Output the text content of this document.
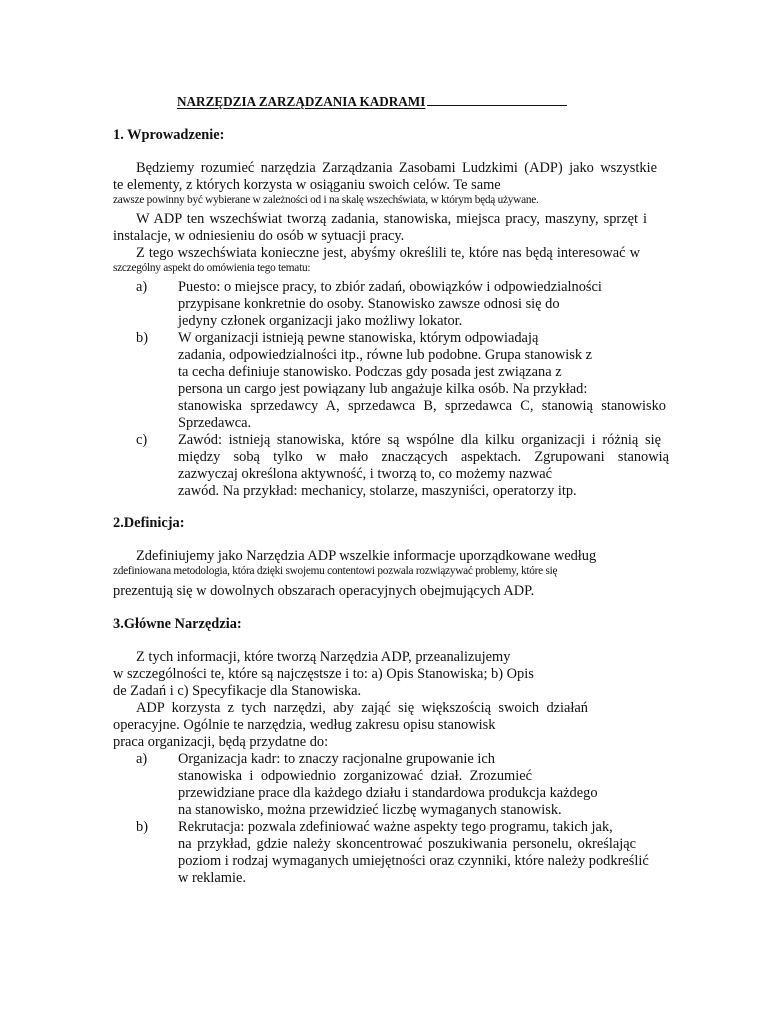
NARZĘDZIA ZARZĄDZANIA KADRAMI
1. Wprowadzenie:
Będziemy rozumieć narzędzia Zarządzania Zasobami Ludzkimi (ADP) jako wszystkie
te elementy, z których korzysta w osiąganiu swoich celów. Te same
zawsze powinny być wybierane w zależności od i na skalę wszechświata, w którym będą używane.
W ADP ten wszechświat tworzą zadania, stanowiska, miejsca pracy, maszyny, sprzęt i
instalacje, w odniesieniu do osób w sytuacji pracy.
Z tego wszechświata konieczne jest, abyśmy określili te, które nas będą interesować w
szczególny aspekt do omówienia tego tematu:
a) Puesto: o miejsce pracy, to zbiór zadań, obowiązków i odpowiedzialności
przypisane konkretnie do osoby. Stanowisko zawsze odnosi się do
jedyny członek organizacji jako możliwy lokator.
b) W organizacji istnieją pewne stanowiska, którym odpowiadają
zadania, odpowiedzialności itp., równe lub podobne. Grupa stanowisk z
ta cecha definiuje stanowisko. Podczas gdy posada jest związana z
persona un cargo jest powiązany lub angażuje kilka osób. Na przykład:
stanowiska sprzedawcy A, sprzedawca B, sprzedawca C, stanowią stanowisko
Sprzedawca.
c) Zawód: istnieją stanowiska, które są wspólne dla kilku organizacji i różnią się
między sobą tylko w mało znaczących aspektach. Zgrupowani stanowią
zazwyczaj określona aktywność, i tworzą to, co możemy nazwać
zawód. Na przykład: mechanicy, stolarze, maszyniści, operatorzy itp.
2.Definicja:
Zdefiniujemy jako Narzędzia ADP wszelkie informacje uporządkowane według
zdefiniowana metodologia, która dzięki swojemu contentowi pozwala rozwiązywać problemy, które się
prezentują się w dowolnych obszarach operacyjnych obejmujących ADP.
3.Główne Narzędzia:
Z tych informacji, które tworzą Narzędzia ADP, przeanalizujemy
w szczególności te, które są najczęstsze i to: a) Opis Stanowiska; b) Opis
de Zadań i c) Specyfikacje dla Stanowiska.
ADP korzysta z tych narzędzi, aby zająć się większością swoich działań
operacyjne. Ogólnie te narzędzia, według zakresu opisu stanowisk
praca organizacji, będą przydatne do:
a) Organizacja kadr: to znaczy racjonalne grupowanie ich
stanowiska i odpowiednio zorganizować dział. Zrozumieć
przewidziane prace dla każdego działu i standardowa produkcja każdego
na stanowisko, można przewidzieć liczbę wymaganych stanowisk.
b) Rekrutacja: pozwala zdefiniować ważne aspekty tego programu, takich jak,
na przykład, gdzie należy skoncentrować poszukiwania personelu, określając
poziom i rodzaj wymaganych umiejętności oraz czynniki, które należy podkreślić
w reklamie.
